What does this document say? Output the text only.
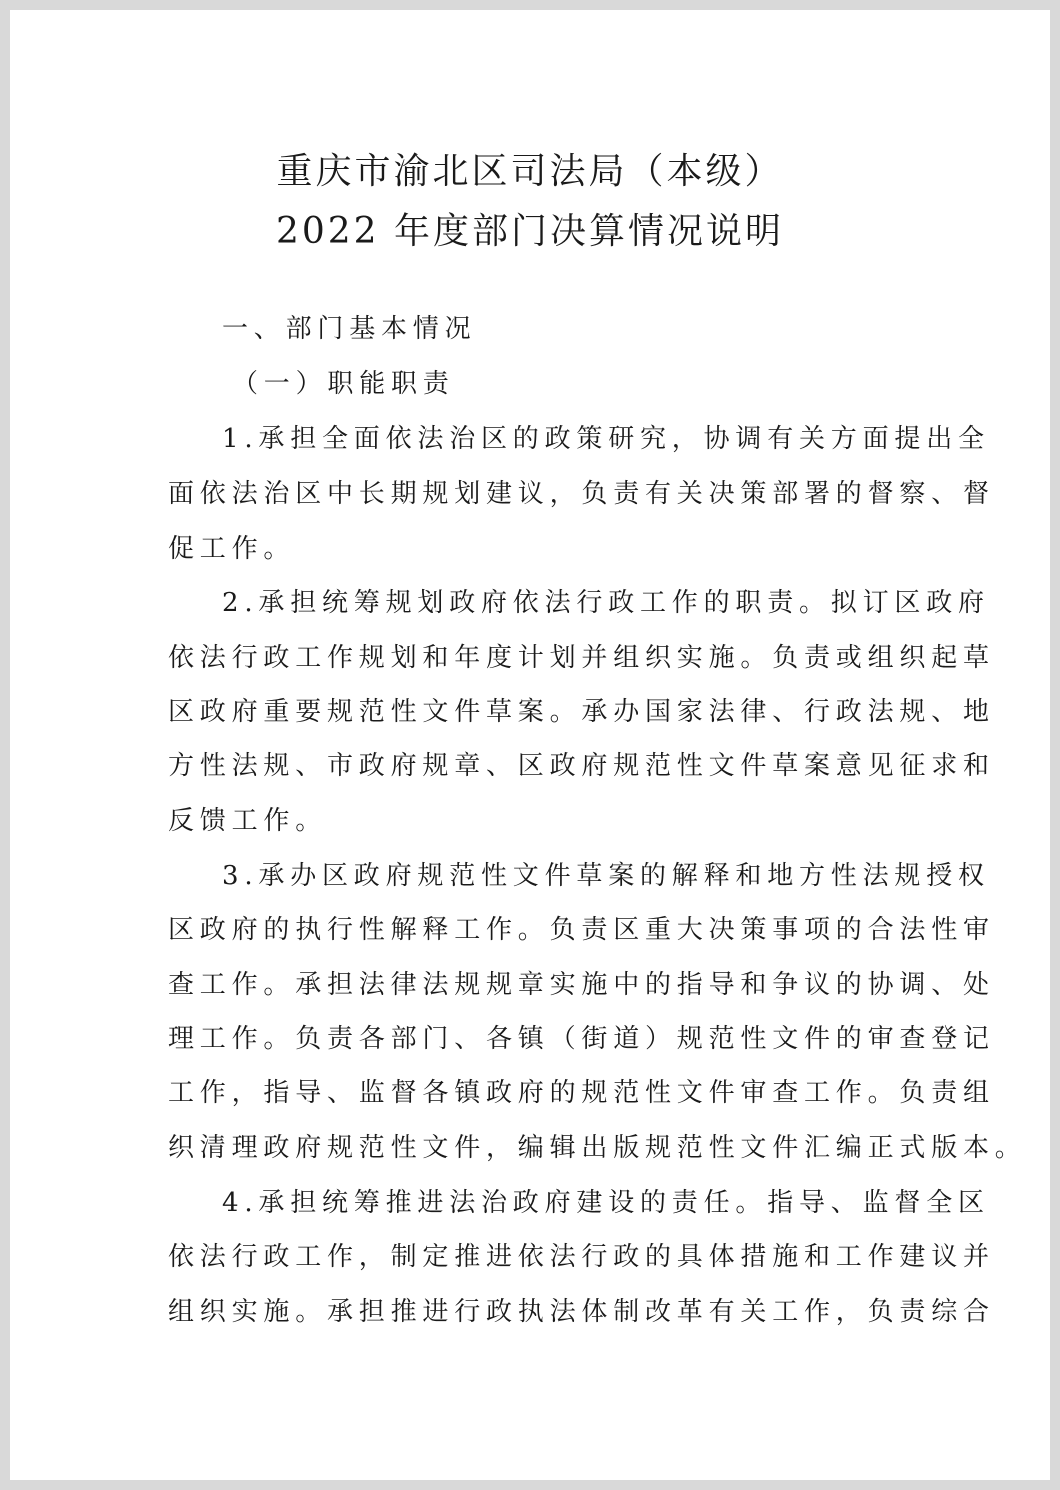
重庆市渝北区司法局（本级）
2022 年度部门决算情况说明
一、部门基本情况
（一）职能职责
1.承担全面依法治区的政策研究，协调有关方面提出全
面依法治区中长期规划建议，负责有关决策部署的督察、督
促工作。
2.承担统筹规划政府依法行政工作的职责。拟订区政府
依法行政工作规划和年度计划并组织实施。负责或组织起草
区政府重要规范性文件草案。承办国家法律、行政法规、地
方性法规、市政府规章、区政府规范性文件草案意见征求和
反馈工作。
3.承办区政府规范性文件草案的解释和地方性法规授权
区政府的执行性解释工作。负责区重大决策事项的合法性审
查工作。承担法律法规规章实施中的指导和争议的协调、处
理工作。负责各部门、各镇（街道）规范性文件的审查登记
工作，指导、监督各镇政府的规范性文件审查工作。负责组
织清理政府规范性文件，编辑出版规范性文件汇编正式版本。
4.承担统筹推进法治政府建设的责任。指导、监督全区
依法行政工作，制定推进依法行政的具体措施和工作建议并
组织实施。承担推进行政执法体制改革有关工作，负责综合
